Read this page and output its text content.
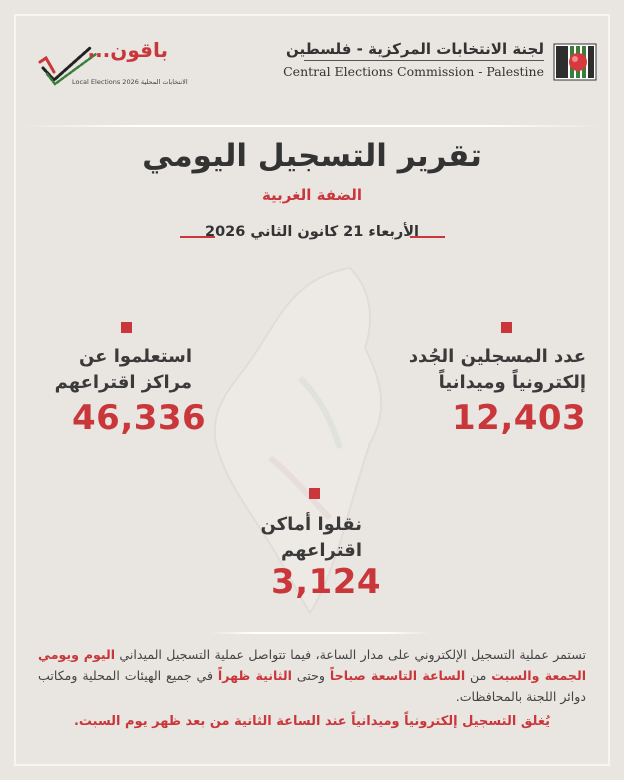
لجنة الانتخابات المركزية - فلسطين
Central Elections Commission - Palestine
باقون...
Local Elections 2026 الانتخابات المحلية
تقرير التسجيل اليومي
الضفة الغربية
الأربعاء 21 كانون الثاني 2026
عدد المسجلين الجُدد
إلكترونياً وميدانياً
12,403
استعلموا عن
مراكز اقتراعهم
46,336
نقلوا أماكن
اقتراعهم
3,124
تستمر عملية التسجيل الإلكتروني على مدار الساعة، فيما تتواصل عملية التسجيل الميداني اليوم ويومي الجمعة والسبت من الساعة التاسعة صباحاً وحتى الثانية ظهراً في جميع الهيئات المحلية ومكاتب دوائر اللجنة بالمحافظات.
يُغلق التسجيل إلكترونياً وميدانياً عند الساعة الثانية من بعد ظهر يوم السبت.
